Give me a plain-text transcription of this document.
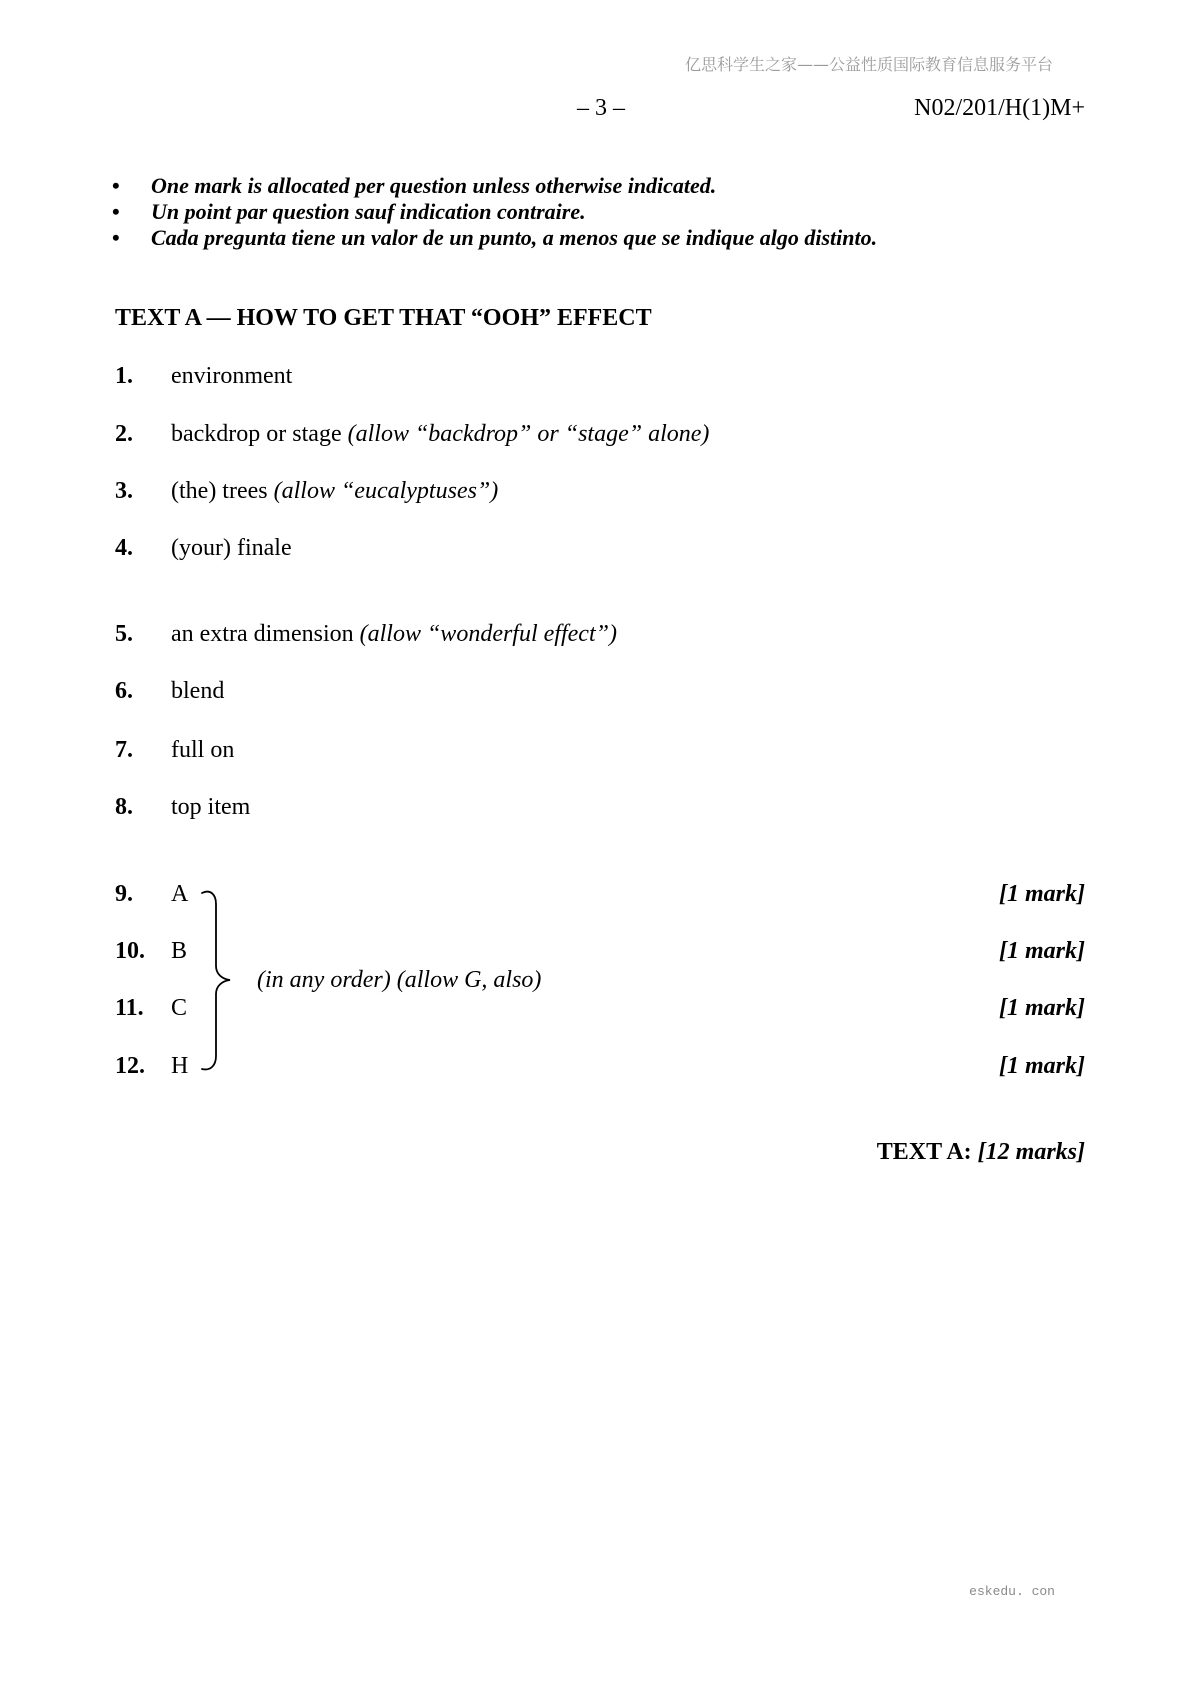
亿思科学生之家——公益性质国际教育信息服务平台
– 3 –	N02/201/H(1)M+
•One mark is allocated per question unless otherwise indicated.
•Un point par question sauf indication contraire.
•Cada pregunta tiene un valor de un punto, a menos que se indique algo distinto.
TEXT A — HOW TO GET THAT “OOH” EFFECT
1. environment
2. backdrop or stage (allow “backdrop” or “stage” alone)
3. (the) trees (allow “eucalyptuses”)
4. (your) finale
5. an extra dimension (allow “wonderful effect”)
6. blend
7. full on
8. top item
9. A	[1 mark]
10. B	[1 mark]
11. C	[1 mark]
12. H	[1 mark]
(in any order) (allow G, also)
TEXT A: [12 marks]
eskedu. con
